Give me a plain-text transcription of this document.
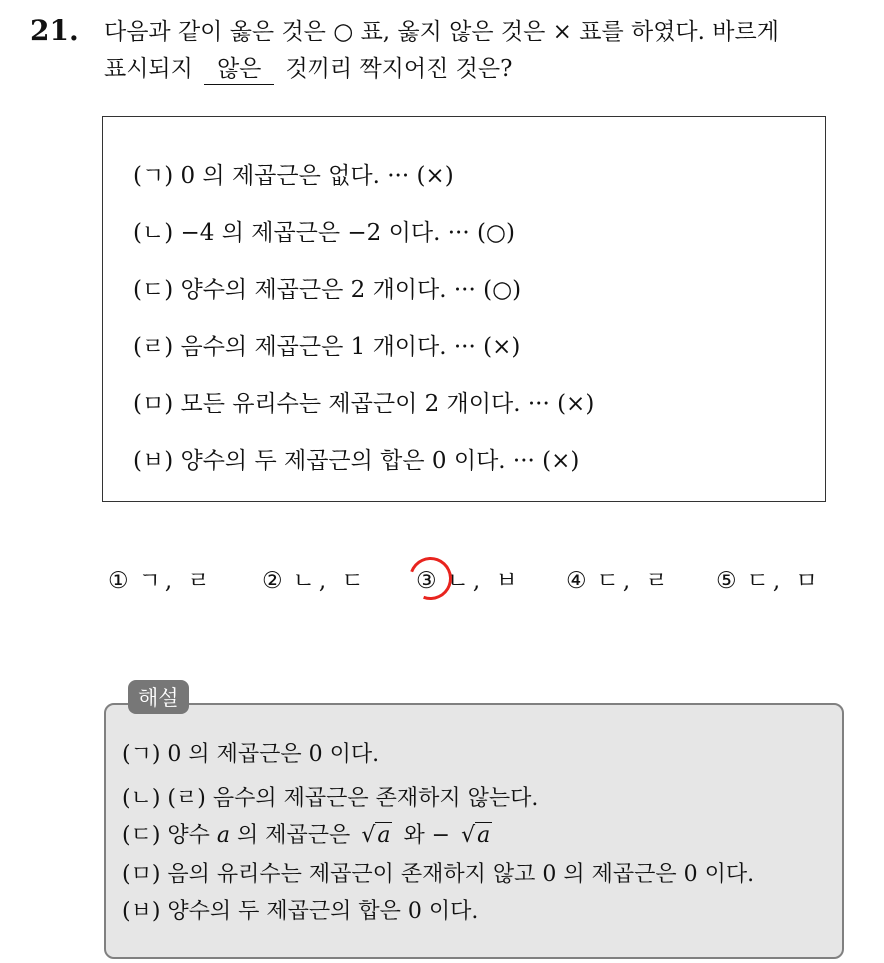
21. 다음과 같이 옳은 것은 ○ 표, 옳지 않은 것은 × 표를 하였다. 바르게
표시되지 않은 것끼리 짝지어진 것은?
(ㄱ) 0 의 제곱근은 없다. ··· (×)
(ㄴ) −4 의 제곱근은 −2 이다. ··· (○)
(ㄷ) 양수의 제곱근은 2 개이다. ··· (○)
(ㄹ) 음수의 제곱근은 1 개이다. ··· (×)
(ㅁ) 모든 유리수는 제곱근이 2 개이다. ··· (×)
(ㅂ) 양수의 두 제곱근의 합은 0 이다. ··· (×)
① ㄱ, ㄹ ② ㄴ, ㄷ ③ ㄴ, ㅂ ④ ㄷ, ㄹ ⑤ ㄷ, ㅁ
해설
(ㄱ) 0 의 제곱근은 0 이다.
(ㄴ) (ㄹ) 음수의 제곱근은 존재하지 않는다.
(ㄷ) 양수 a 의 제곱근은 √ a 와 − √ a
(ㅁ) 음의 유리수는 제곱근이 존재하지 않고 0 의 제곱근은 0 이다.
(ㅂ) 양수의 두 제곱근의 합은 0 이다.
